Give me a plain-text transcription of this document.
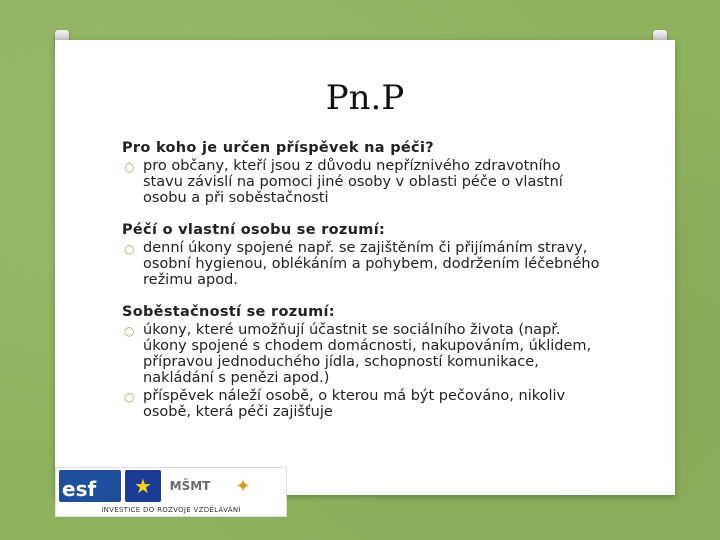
Pn.P
Pro koho je určen příspěvek na péči?
○ pro občany, kteří jsou z důvodu nepříznivého zdravotního stavu závislí na pomoci jiné osoby v oblasti péče o vlastní osobu a při soběstačnosti
Péčí o vlastní osobu se rozumí:
○ denní úkony spojené např. se zajištěním či přijímáním stravy, osobní hygienou, oblékáním a pohybem, dodržením léčebného režimu apod.
Soběstačností se rozumí:
○ úkony, které umožňují účastnit se sociálního života (např. úkony spojené s chodem domácnosti, nakupováním, úklidem, přípravou jednoduchého jídla, schopností komunikace, nakládání s penězi apod.)
○ příspěvek náleží osobě, o kterou má být pečováno, nikoliv osobě, která péči zajišťuje
esf	★	MŠMT	✦
INVESTICE DO ROZVOJE VZDĚLÁVÁNÍ
